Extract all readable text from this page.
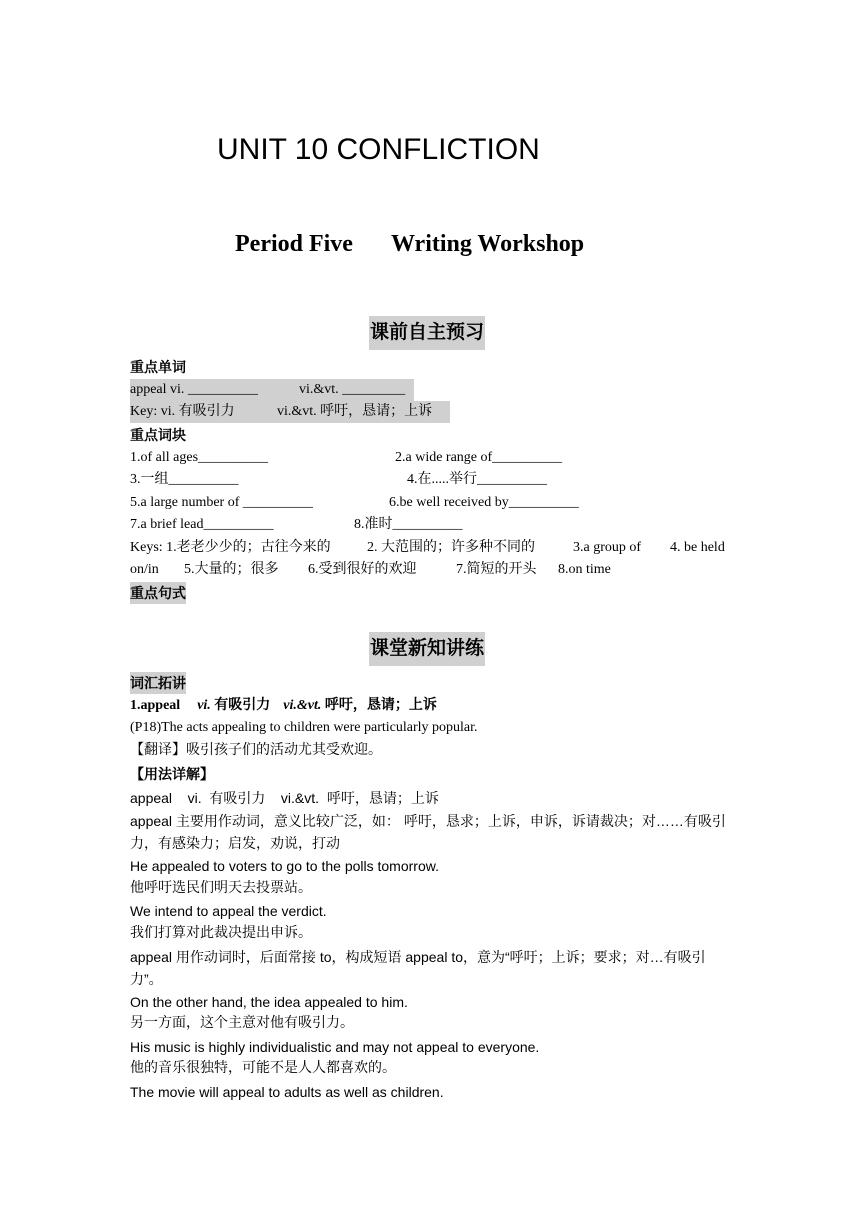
UNIT 10 CONFLICTION
Period Five Writing Workshop
课前自主预习
重点单词
appeal vi. __________	vi.&vt. _________
Key: vi. 有吸引力	vi.&vt. 呼吁，恳请；上诉
重点词块
1.of all ages__________	2.a wide range of__________
3.一组__________	4.在.....举行__________
5.a large number of __________	6.be well received by__________
7.a brief lead__________	8.准时__________
Keys: 1.老老少少的；古往今来的	2. 大范围的；许多种不同的	3.a group of 4. be held
on/in 5.大量的；很多 6.受到很好的欢迎	7.简短的开头 8.on time
重点句式
课堂新知讲练
词汇拓讲
1.appeal vi. 有吸引力 vi.&vt. 呼吁，恳请；上诉
(P18)The acts appealing to children were particularly popular.
【翻译】吸引孩子们的活动尤其受欢迎。
【用法详解】
appeal    vi.  有吸引力    vi.&vt.  呼吁，恳请；上诉
appeal 主要用作动词，意义比较广泛，如： 呼吁，恳求；上诉，申诉，诉请裁决；对……有吸引力，有感染力；启发，劝说，打动
He appealed to voters to go to the polls tomorrow.
他呼吁选民们明天去投票站。
We intend to appeal the verdict.
我们打算对此裁决提出申诉。
appeal 用作动词时，后面常接 to，构成短语 appeal to，意为“呼吁；上诉；要求；对…有吸引力”。
On the other hand, the idea appealed to him.
另一方面，这个主意对他有吸引力。
His music is highly individualistic and may not appeal to everyone.
他的音乐很独特，可能不是人人都喜欢的。
The movie will appeal to adults as well as children.
